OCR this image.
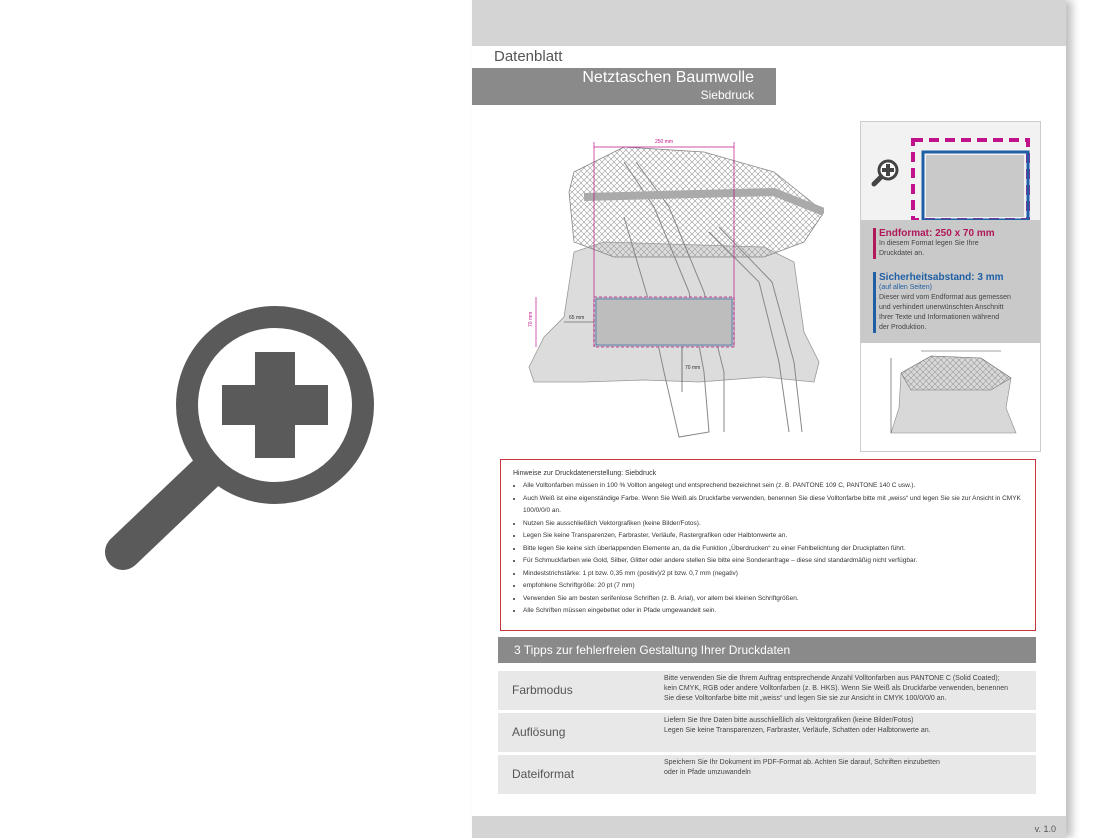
Datenblatt
Netztaschen Baumwolle
Siebdruck
250 mm
70 mm	65 mm
70 mm
Endformat: 250 x 70 mm
In diesem Format legen Sie Ihre
Druckdatei an.
Sicherheitsabstand: 3 mm
(auf allen Seiten)
Dieser wird vom Endformat aus gemessen
und verhindert unerwünschten Anschnitt
Ihrer Texte und Informationen während
der Produktion.
Hinweise zur Druckdatenerstellung: Siebdruck
• Alle Volltonfarben müssen in 100 % Vollton angelegt und entsprechend bezeichnet sein (z. B. PANTONE 109 C, PANTONE 140 C usw.).
• Auch Weiß ist eine eigenständige Farbe. Wenn Sie Weiß als Druckfarbe verwenden, benennen Sie diese Volltonfarbe bitte mit „weiss“ und legen Sie sie zur Ansicht in CMYK 100/0/0/0 an.
• Nutzen Sie ausschließlich Vektorgrafiken (keine Bilder/Fotos).
• Legen Sie keine Transparenzen, Farbraster, Verläufe, Rastergrafiken oder Halbtonwerte an.
• Bitte legen Sie keine sich überlappenden Elemente an, da die Funktion „Überdrucken“ zu einer Fehlbelichtung der Druckplatten führt.
• Für Schmuckfarben wie Gold, Silber, Glitter oder andere stellen Sie bitte eine Sonderanfrage – diese sind standardmäßig nicht verfügbar.
• Mindeststrichstärke: 1 pt bzw. 0,35 mm (positiv)/2 pt bzw. 0,7 mm (negativ)
• empfohlene Schriftgröße: 20 pt (7 mm)
• Verwenden Sie am besten serifenlose Schriften (z. B. Arial), vor allem bei kleinen Schriftgrößen.
• Alle Schriften müssen eingebettet oder in Pfade umgewandelt sein.
3 Tipps zur fehlerfreien Gestaltung Ihrer Druckdaten
Farbmodus
Bitte verwenden Sie die Ihrem Auftrag entsprechende Anzahl Volltonfarben aus PANTONE C (Solid Coated);
kein CMYK, RGB oder andere Volltonfarben (z. B. HKS). Wenn Sie Weiß als Druckfarbe verwenden, benennen
Sie diese Volltonfarbe bitte mit „weiss“ und legen Sie sie zur Ansicht in CMYK 100/0/0/0 an.
Auflösung
Liefern Sie Ihre Daten bitte ausschließlich als Vektorgrafiken (keine Bilder/Fotos)
Legen Sie keine Transparenzen, Farbraster, Verläufe, Schatten oder Halbtonwerte an.
Dateiformat
Speichern Sie Ihr Dokument im PDF-Format ab. Achten Sie darauf, Schriften einzubetten
oder in Pfade umzuwandeln
v. 1.0
